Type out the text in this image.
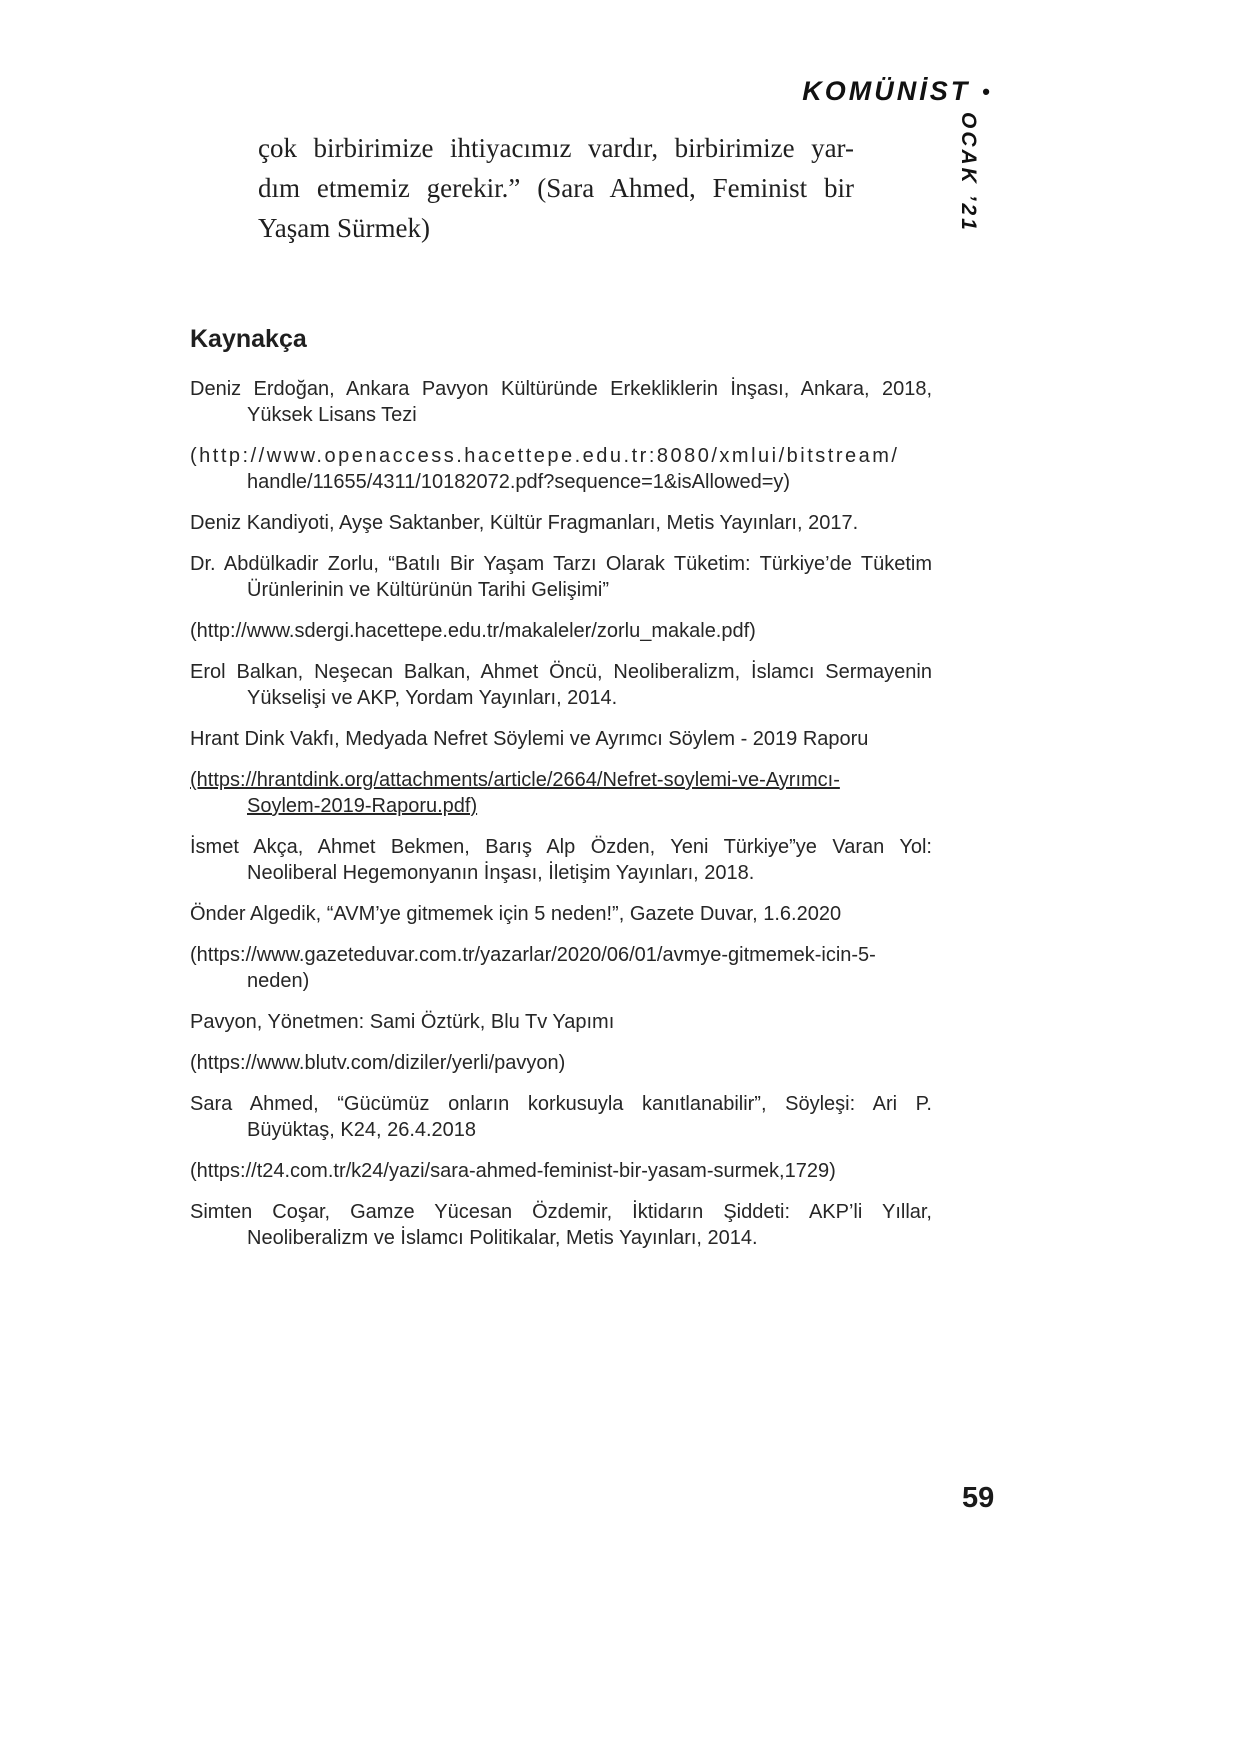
KOMÜNİST •
OCAK ’21

çok birbirimize ihtiyacımız vardır, birbirimize yar-

dım etmemiz gerekir.” (Sara Ahmed, Feminist bir

Yaşam Sürmek)

Kaynakça

Deniz Erdoğan, Ankara Pavyon Kültüründe Erkekliklerin İnşası, Ankara, 2018,

Yüksek Lisans Tezi

(http://www.openaccess.hacettepe.edu.tr:8080/xmlui/bitstream/

handle/11655/4311/10182072.pdf?sequence=1&isAllowed=y)

Deniz Kandiyoti, Ayşe Saktanber, Kültür Fragmanları, Metis Yayınları, 2017.

Dr. Abdülkadir Zorlu, “Batılı Bir Yaşam Tarzı Olarak Tüketim: Türkiye’de Tüketim

Ürünlerinin ve Kültürünün Tarihi Gelişimi”

(http://www.sdergi.hacettepe.edu.tr/makaleler/zorlu_makale.pdf)

Erol Balkan, Neşecan Balkan, Ahmet Öncü, Neoliberalizm, İslamcı Sermayenin

Yükselişi ve AKP, Yordam Yayınları, 2014.

Hrant Dink Vakfı, Medyada Nefret Söylemi ve Ayrımcı Söylem - 2019 Raporu

(https://hrantdink.org/attachments/article/2664/Nefret-soylemi-ve-Ayrımcı-

Soylem-2019-Raporu.pdf)

İsmet Akça, Ahmet Bekmen, Barış Alp Özden, Yeni Türkiye”ye Varan Yol:

Neoliberal Hegemonyanın İnşası, İletişim Yayınları, 2018.

Önder Algedik, “AVM’ye gitmemek için 5 neden!”, Gazete Duvar, 1.6.2020

(https://www.gazeteduvar.com.tr/yazarlar/2020/06/01/avmye-gitmemek-icin-5-

neden)

Pavyon, Yönetmen: Sami Öztürk, Blu Tv Yapımı

(https://www.blutv.com/diziler/yerli/pavyon)

Sara Ahmed, “Gücümüz onların korkusuyla kanıtlanabilir”, Söyleşi: Ari P.

Büyüktaş, K24, 26.4.2018

(https://t24.com.tr/k24/yazi/sara-ahmed-feminist-bir-yasam-surmek,1729)

Simten Coşar, Gamze Yücesan Özdemir, İktidarın Şiddeti: AKP’li Yıllar,

Neoliberalizm ve İslamcı Politikalar, Metis Yayınları, 2014.

59
